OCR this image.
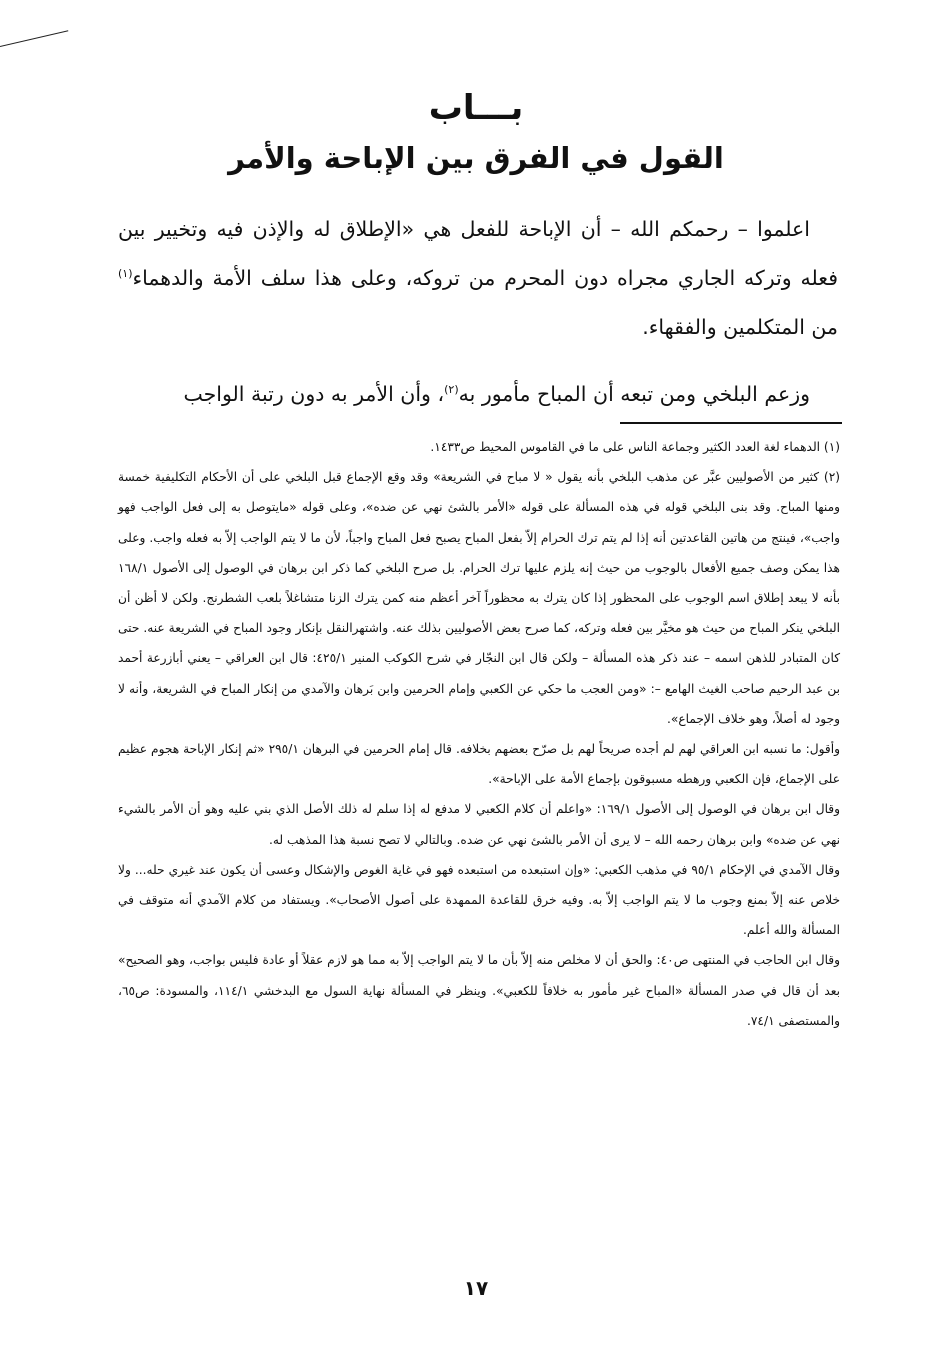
بـــاب
القول في الفرق بين الإباحة والأمر

اعلموا – رحمكم الله – أن الإباحة للفعل هي «الإطلاق له والإذن فيه وتخيير بين فعله وتركه الجاري مجراه دون المحرم من تروكه، وعلى هذا سلف الأمة والدهماء$^{(١)}$ من المتكلمين والفقهاء.

وزعم البلخي ومن تبعه أن المباح مأمور به$^{(٢)}$، وأن الأمر به دون رتبة الواجب

(١) الدهماء لغة العدد الكثير وجماعة الناس على ما في القاموس المحيط ص١٤٣٣.

(٢) كثير من الأصوليين عبَّر عن مذهب البلخي بأنه يقول « لا مباح في الشريعة» وقد وقع الإجماع قبل البلخي على أن الأحكام التكليفية خمسة ومنها المباح. وقد بنى البلخي قوله في هذه المسألة على قوله «الأمر بالشئ نهي عن ضده»، وعلى قوله «مايتوصل به إلى فعل الواجب فهو واجب»، فينتج من هاتين القاعدتين أنه إذا لم يتم ترك الحرام إلاّ بفعل المباح يصبح فعل المباح واجباً، لأن ما لا يتم الواجب إلاّ به فعله واجب. وعلى هذا يمكن وصف جميع الأفعال بالوجوب من حيث إنه يلزم عليها ترك الحرام. بل صرح البلخي كما ذكر ابن برهان في الوصول إلى الأصول ١٦٨/١ بأنه لا يبعد إطلاق اسم الوجوب على المحظور إذا كان يترك به محظوراً آخر أعظم منه كمن يترك الزنا متشاغلاً بلعب الشطرنج. ولكن لا أظن أن البلخي ينكر المباح من حيث هو مخيَّر بين فعله وتركه، كما صرح بعض الأصوليين بذلك عنه. واشتهرالنقل بإنكار وجود المباح في الشريعة عنه. حتى كان المتبادر للذهن اسمه – عند ذكر هذه المسألة – ولكن قال ابن النجّار في شرح الكوكب المنير ٤٢٥/١: قال ابن العراقي – يعني أبازرعة أحمد بن عبد الرحيم صاحب الغيث الهامع –: «ومن العجب ما حكي عن الكعبي وإمام الحرمين وابن بَرهان والآمدي من إنكار المباح في الشريعة، وأنه لا وجود له أصلاً، وهو خلاف الإجماع».

وأقول: ما نسبه ابن العراقي لهم لم أجده صريحاً لهم بل صرّح بعضهم بخلافه. قال إمام الحرمين في البرهان ٢٩٥/١ «ثم إنكار الإباحة هجوم عظيم على الإجماع، فإن الكعبي ورهطه مسبوقون بإجماع الأمة على الإباحة».

وقال ابن برهان في الوصول إلى الأصول ١٦٩/١: «واعلم أن كلام الكعبي لا مدفع له إذا سلم له ذلك الأصل الذي بني عليه وهو أن الأمر بالشيء نهي عن ضده» وابن برهان رحمه الله – لا يرى أن الأمر بالشئ نهي عن ضده. وبالتالي لا تصح نسبة هذا المذهب له.

وقال الآمدي في الإحكام ٩٥/١ في مذهب الكعبي: «وإن استبعده من استبعده فهو في غاية الغوص والإشكال وعسى أن يكون عند غيري حله... ولا خلاص عنه إلاّ بمنع وجوب ما لا يتم الواجب إلاّ به. وفيه خرق للقاعدة الممهدة على أصول الأصحاب». ويستفاد من كلام الآمدي أنه متوقف في المسألة والله أعلم.

وقال ابن الحاجب في المنتهى ص٤٠: والحق أن لا مخلص منه إلاّ بأن ما لا يتم الواجب إلاّ به مما هو لازم عقلاً أو عادة فليس بواجب، وهو الصحيح» بعد أن قال في صدر المسألة «المباح غير مأمور به خلافاً للكعبي». وينظر في المسألة نهاية السول مع البدخشي ١١٤/١، والمسودة: ص٦٥، والمستصفى ٧٤/١.

١٧
